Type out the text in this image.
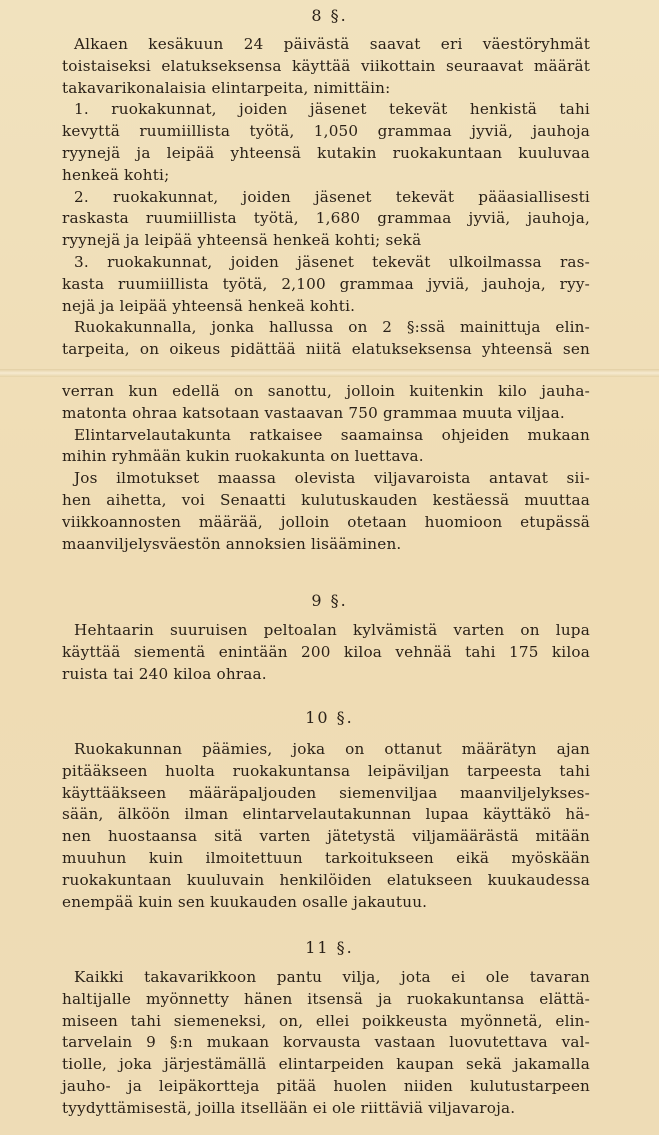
8 §.
Alkaen kesäkuun 24 päivästä saavat eri väestöryhmät
toistaiseksi elatukseksensa käyttää viikottain seuraavat määrät
takavarikonalaisia elintarpeita, nimittäin:
1. ruokakunnat, joiden jäsenet tekevät henkistä tahi
kevyttä ruumiillista työtä, 1,050 grammaa jyviä, jauhoja
ryynejä ja leipää yhteensä kutakin ruokakuntaan kuuluvaa
henkeä kohti;
2. ruokakunnat, joiden jäsenet tekevät pääasiallisesti
raskasta ruumiillista työtä, 1,680 grammaa jyviä, jauhoja,
ryynejä ja leipää yhteensä henkeä kohti; sekä
3. ruokakunnat, joiden jäsenet tekevät ulkoilmassa ras-
kasta ruumiillista työtä, 2,100 grammaa jyviä, jauhoja, ryy-
nejä ja leipää yhteensä henkeä kohti.
Ruokakunnalla, jonka hallussa on 2 §:ssä mainittuja elin-
tarpeita, on oikeus pidättää niitä elatukseksensa yhteensä sen
verran kun edellä on sanottu, jolloin kuitenkin kilo jauha-
matonta ohraa katsotaan vastaavan 750 grammaa muuta viljaa.
Elintarvelautakunta ratkaisee saamainsa ohjeiden mukaan
mihin ryhmään kukin ruokakunta on luettava.
Jos ilmotukset maassa olevista viljavaroista antavat sii-
hen aihetta, voi Senaatti kulutuskauden kestäessä muuttaa
viikkoannosten määrää, jolloin otetaan huomioon etupässä
maanviljelysväestön annoksien lisääminen.
9 §.
Hehtaarin suuruisen peltoalan kylvämistä varten on lupa
käyttää siementä enintään 200 kiloa vehnää tahi 175 kiloa
ruista tai 240 kiloa ohraa.
10 §.
Ruokakunnan päämies, joka on ottanut määrätyn ajan
pitääkseen huolta ruokakuntansa leipäviljan tarpeesta tahi
käyttääkseen määräpaljouden siemenviljaa maanviljelykses-
sään, älköön ilman elintarvelautakunnan lupaa käyttäkö hä-
nen huostaansa sitä varten jätetystä viljamäärästä mitään
muuhun kuin ilmoitettuun tarkoitukseen eikä myöskään
ruokakuntaan kuuluvain henkilöiden elatukseen kuukaudessa
enempää kuin sen kuukauden osalle jakautuu.
11 §.
Kaikki takavarikkoon pantu vilja, jota ei ole tavaran
haltijalle myönnetty hänen itsensä ja ruokakuntansa elättä-
miseen tahi siemeneksi, on, ellei poikkeusta myönnetä, elin-
tarvelain 9 §:n mukaan korvausta vastaan luovutettava val-
tiolle, joka järjestämällä elintarpeiden kaupan sekä jakamalla
jauho- ja leipäkortteja pitää huolen niiden kulutustarpeen
tyydyttämisestä, joilla itsellään ei ole riittäviä viljavaroja.
